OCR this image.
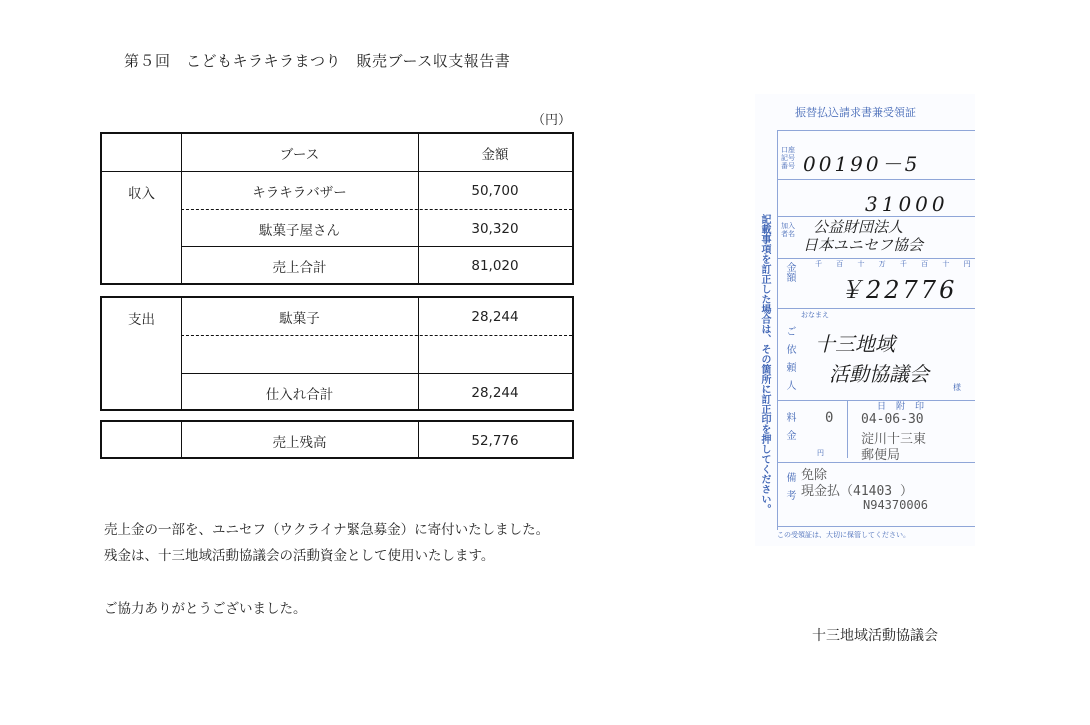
第５回　こどもキラキラまつり　販売ブース収支報告書
（円）
ブース	金額
収入	キラキラバザー	50,700
駄菓子屋さん	30,320
売上合計	81,020
支出	駄菓子	28,244
仕入れ合計	28,244
売上残高	52,776
売上金の一部を、ユニセフ（ウクライナ緊急募金）に寄付いたしました。
残金は、十三地域活動協議会の活動資金として使用いたします。
ご協力ありがとうございました。
十三地域活動協議会
振替払込請求書兼受領証
記載事項を訂正した場合は、その箇所に訂正印を押してください。
口座記号番号 00190－5
31000
加入者名 公益財団法人
日本ユニセフ協会
千 百 十 万 千 百 十 円
金額
￥22776
ご依頼人
おなまえ
十三地域
活動協議会
様
料金 0
円
日附印
04-06-30
淀川十三東
郵便局
備考 免除
現金払（41403 ）
N94370006
この受領証は、大切に保管してください。
